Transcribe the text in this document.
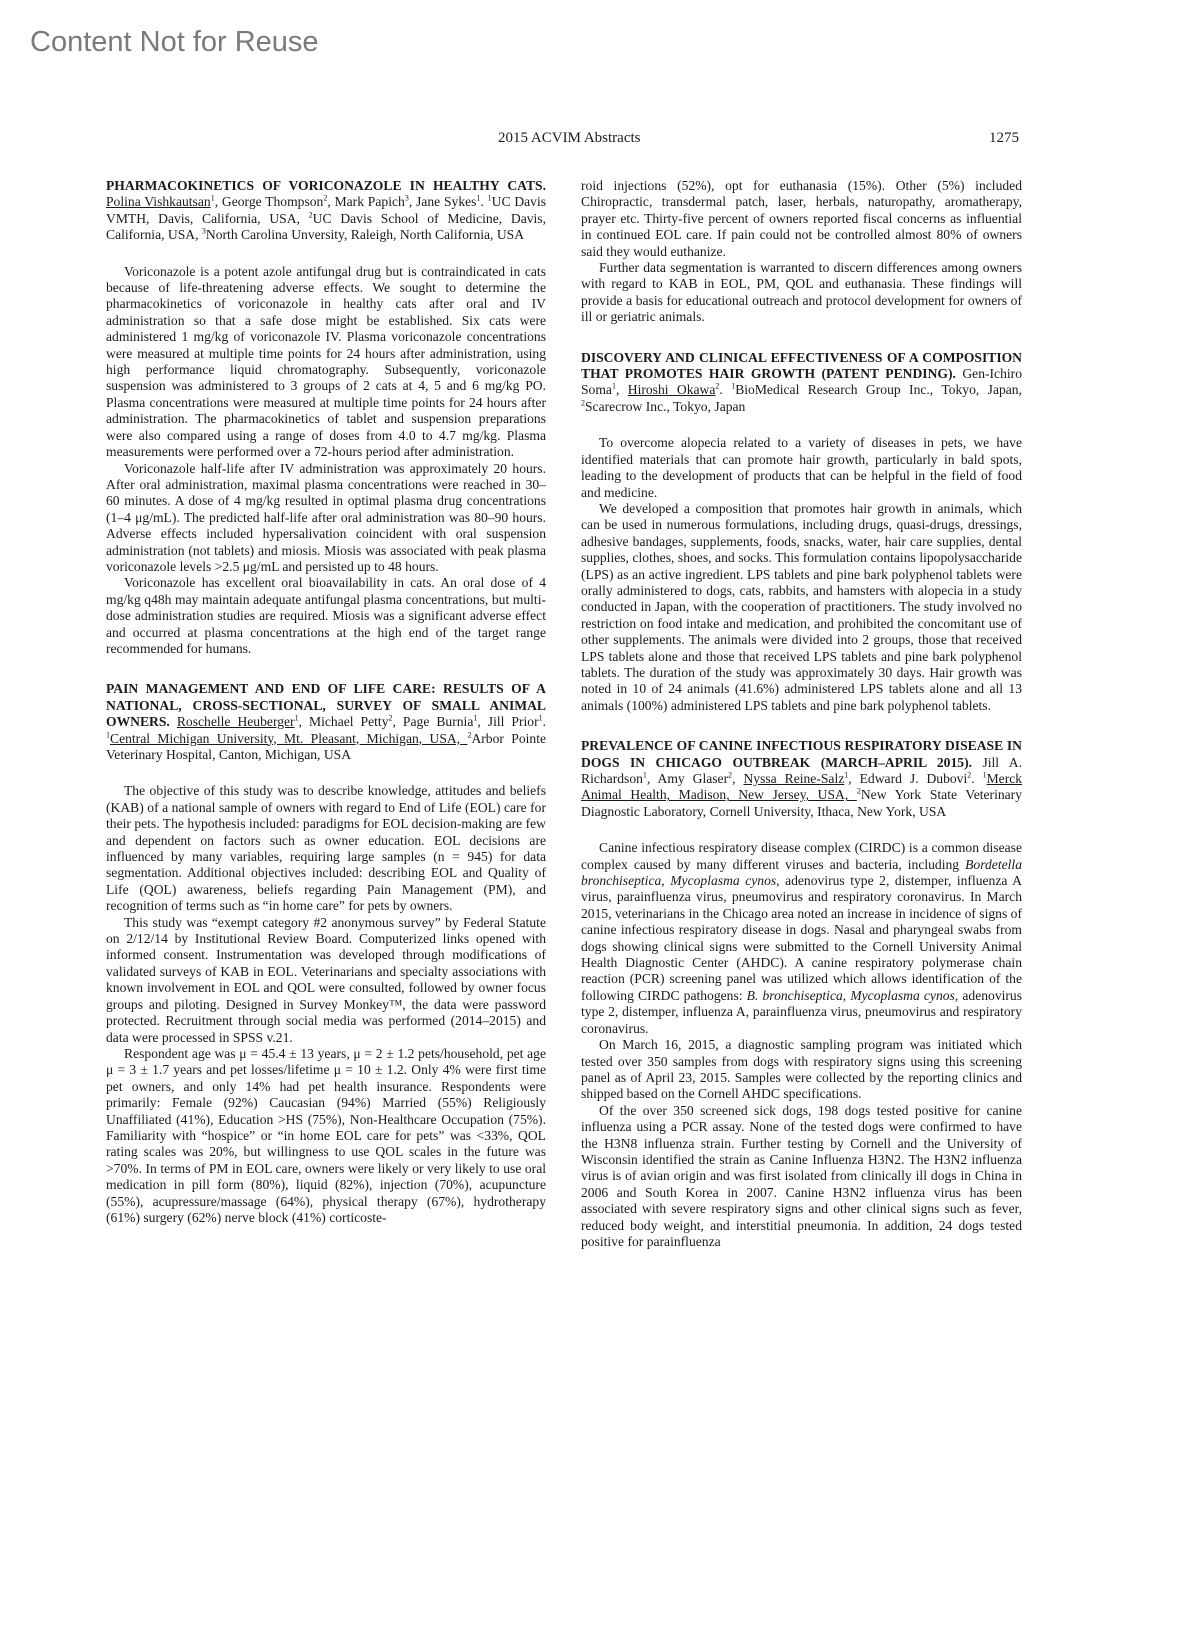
Content Not for Reuse
2015 ACVIM Abstracts	1275
PHARMACOKINETICS OF VORICONAZOLE IN HEALTHY CATS. Polina Vishkautsan$^1$, George Thompson$^2$, Mark Papich$^3$, Jane Sykes$^1$. $^1$UC Davis VMTH, Davis, California, USA, $^2$UC Davis School of Medicine, Davis, California, USA, $^3$North Carolina Unversity, Raleigh, North California, USA

Voriconazole is a potent azole antifungal drug but is contraindicated in cats because of life-threatening adverse effects. We sought to determine the pharmacokinetics of voriconazole in healthy cats after oral and IV administration so that a safe dose might be established. Six cats were administered 1 mg/kg of voriconazole IV. Plasma voriconazole concentrations were measured at multiple time points for 24 hours after administration, using high performance liquid chromatography. Subsequently, voriconazole suspension was administered to 3 groups of 2 cats at 4, 5 and 6 mg/kg PO. Plasma concentrations were measured at multiple time points for 24 hours after administration. The pharmacokinetics of tablet and suspension preparations were also compared using a range of doses from 4.0 to 4.7 mg/kg. Plasma measurements were performed over a 72-hours period after administration.

Voriconazole half-life after IV administration was approximately 20 hours. After oral administration, maximal plasma concentrations were reached in 30–60 minutes. A dose of 4 mg/kg resulted in optimal plasma drug concentrations (1–4 μg/mL). The predicted half-life after oral administration was 80–90 hours. Adverse effects included hypersalivation coincident with oral suspension administration (not tablets) and miosis. Miosis was associated with peak plasma voriconazole levels >2.5 μg/mL and persisted up to 48 hours.

Voriconazole has excellent oral bioavailability in cats. An oral dose of 4 mg/kg q48h may maintain adequate antifungal plasma concentrations, but multi-dose administration studies are required. Miosis was a significant adverse effect and occurred at plasma concentrations at the high end of the target range recommended for humans.

PAIN MANAGEMENT AND END OF LIFE CARE: RESULTS OF A NATIONAL, CROSS-SECTIONAL, SURVEY OF SMALL ANIMAL OWNERS. Roschelle Heuberger$^1$, Michael Petty$^2$, Page Burnia$^1$, Jill Prior$^1$. $^1$Central Michigan University, Mt. Pleasant, Michigan, USA, $^2$Arbor Pointe Veterinary Hospital, Canton, Michigan, USA

The objective of this study was to describe knowledge, attitudes and beliefs (KAB) of a national sample of owners with regard to End of Life (EOL) care for their pets. The hypothesis included: paradigms for EOL decision-making are few and dependent on factors such as owner education. EOL decisions are influenced by many variables, requiring large samples (n = 945) for data segmentation. Additional objectives included: describing EOL and Quality of Life (QOL) awareness, beliefs regarding Pain Management (PM), and recognition of terms such as “in home care” for pets by owners.

This study was “exempt category #2 anonymous survey” by Federal Statute on 2/12/14 by Institutional Review Board. Computerized links opened with informed consent. Instrumentation was developed through modifications of validated surveys of KAB in EOL. Veterinarians and specialty associations with known involvement in EOL and QOL were consulted, followed by owner focus groups and piloting. Designed in Survey Monkey™, the data were password protected. Recruitment through social media was performed (2014–2015) and data were processed in SPSS v.21.

Respondent age was μ = 45.4 ± 13 years, μ = 2 ± 1.2 pets/household, pet age μ = 3 ± 1.7 years and pet losses/lifetime μ = 10 ± 1.2. Only 4% were first time pet owners, and only 14% had pet health insurance. Respondents were primarily: Female (92%) Caucasian (94%) Married (55%) Religiously Unaffiliated (41%), Education >HS (75%), Non-Healthcare Occupation (75%). Familiarity with “hospice” or “in home EOL care for pets” was <33%, QOL rating scales was 20%, but willingness to use QOL scales in the future was >70%. In terms of PM in EOL care, owners were likely or very likely to use oral medication in pill form (80%), liquid (82%), injection (70%), acupuncture (55%), acupressure/massage (64%), physical therapy (67%), hydrotherapy (61%) surgery (62%) nerve block (41%) corticoste-

roid injections (52%), opt for euthanasia (15%). Other (5%) included Chiropractic, transdermal patch, laser, herbals, naturopathy, aromatherapy, prayer etc. Thirty-five percent of owners reported fiscal concerns as influential in continued EOL care. If pain could not be controlled almost 80% of owners said they would euthanize.

Further data segmentation is warranted to discern differences among owners with regard to KAB in EOL, PM, QOL and euthanasia. These findings will provide a basis for educational outreach and protocol development for owners of ill or geriatric animals.

DISCOVERY AND CLINICAL EFFECTIVENESS OF A COMPOSITION THAT PROMOTES HAIR GROWTH (PATENT PENDING). Gen-Ichiro Soma$^1$, Hiroshi Okawa$^2$. $^1$BioMedical Research Group Inc., Tokyo, Japan, $^2$Scarecrow Inc., Tokyo, Japan

To overcome alopecia related to a variety of diseases in pets, we have identified materials that can promote hair growth, particularly in bald spots, leading to the development of products that can be helpful in the field of food and medicine.

We developed a composition that promotes hair growth in animals, which can be used in numerous formulations, including drugs, quasi-drugs, dressings, adhesive bandages, supplements, foods, snacks, water, hair care supplies, dental supplies, clothes, shoes, and socks. This formulation contains lipopolysaccharide (LPS) as an active ingredient. LPS tablets and pine bark polyphenol tablets were orally administered to dogs, cats, rabbits, and hamsters with alopecia in a study conducted in Japan, with the cooperation of practitioners. The study involved no restriction on food intake and medication, and prohibited the concomitant use of other supplements. The animals were divided into 2 groups, those that received LPS tablets alone and those that received LPS tablets and pine bark polyphenol tablets. The duration of the study was approximately 30 days. Hair growth was noted in 10 of 24 animals (41.6%) administered LPS tablets alone and all 13 animals (100%) administered LPS tablets and pine bark polyphenol tablets.

PREVALENCE OF CANINE INFECTIOUS RESPIRATORY DISEASE IN DOGS IN CHICAGO OUTBREAK (MARCH–APRIL 2015). Jill A. Richardson$^1$, Amy Glaser$^2$, Nyssa Reine-Salz$^1$, Edward J. Dubovi$^2$. $^1$Merck Animal Health, Madison, New Jersey, USA, $^2$New York State Veterinary Diagnostic Laboratory, Cornell University, Ithaca, New York, USA

Canine infectious respiratory disease complex (CIRDC) is a common disease complex caused by many different viruses and bacteria, including Bordetella bronchiseptica, Mycoplasma cynos, adenovirus type 2, distemper, influenza A virus, parainfluenza virus, pneumovirus and respiratory coronavirus. In March 2015, veterinarians in the Chicago area noted an increase in incidence of signs of canine infectious respiratory disease in dogs. Nasal and pharyngeal swabs from dogs showing clinical signs were submitted to the Cornell University Animal Health Diagnostic Center (AHDC). A canine respiratory polymerase chain reaction (PCR) screening panel was utilized which allows identification of the following CIRDC pathogens: B. bronchiseptica, Mycoplasma cynos, adenovirus type 2, distemper, influenza A, parainfluenza virus, pneumovirus and respiratory coronavirus.

On March 16, 2015, a diagnostic sampling program was initiated which tested over 350 samples from dogs with respiratory signs using this screening panel as of April 23, 2015. Samples were collected by the reporting clinics and shipped based on the Cornell AHDC specifications.

Of the over 350 screened sick dogs, 198 dogs tested positive for canine influenza using a PCR assay. None of the tested dogs were confirmed to have the H3N8 influenza strain. Further testing by Cornell and the University of Wisconsin identified the strain as Canine Influenza H3N2. The H3N2 influenza virus is of avian origin and was first isolated from clinically ill dogs in China in 2006 and South Korea in 2007. Canine H3N2 influenza virus has been associated with severe respiratory signs and other clinical signs such as fever, reduced body weight, and interstitial pneumonia. In addition, 24 dogs tested positive for parainfluenza
